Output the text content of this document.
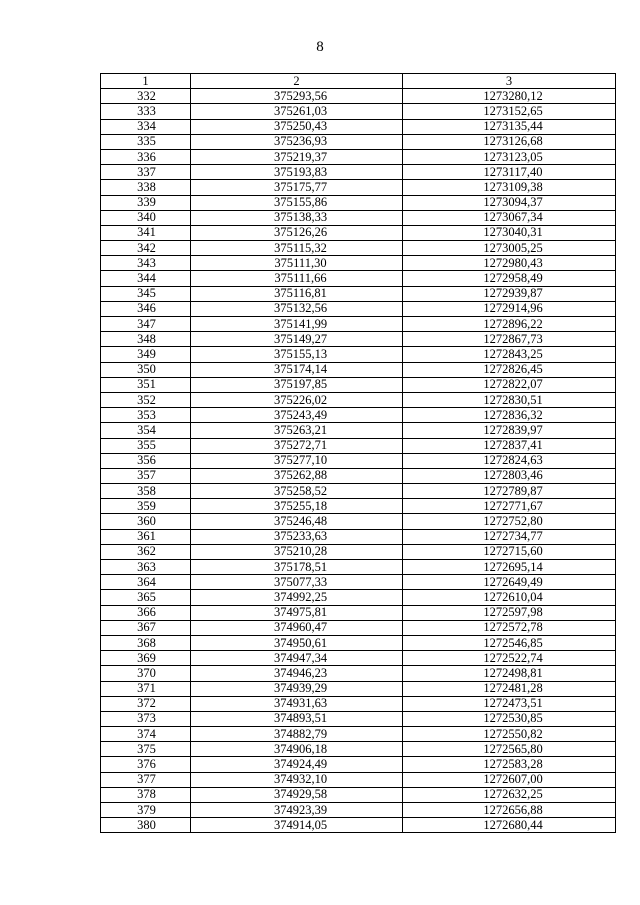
8
1	2	3
332	375293,56	1273280,12
333	375261,03	1273152,65
334	375250,43	1273135,44
335	375236,93	1273126,68
336	375219,37	1273123,05
337	375193,83	1273117,40
338	375175,77	1273109,38
339	375155,86	1273094,37
340	375138,33	1273067,34
341	375126,26	1273040,31
342	375115,32	1273005,25
343	375111,30	1272980,43
344	375111,66	1272958,49
345	375116,81	1272939,87
346	375132,56	1272914,96
347	375141,99	1272896,22
348	375149,27	1272867,73
349	375155,13	1272843,25
350	375174,14	1272826,45
351	375197,85	1272822,07
352	375226,02	1272830,51
353	375243,49	1272836,32
354	375263,21	1272839,97
355	375272,71	1272837,41
356	375277,10	1272824,63
357	375262,88	1272803,46
358	375258,52	1272789,87
359	375255,18	1272771,67
360	375246,48	1272752,80
361	375233,63	1272734,77
362	375210,28	1272715,60
363	375178,51	1272695,14
364	375077,33	1272649,49
365	374992,25	1272610,04
366	374975,81	1272597,98
367	374960,47	1272572,78
368	374950,61	1272546,85
369	374947,34	1272522,74
370	374946,23	1272498,81
371	374939,29	1272481,28
372	374931,63	1272473,51
373	374893,51	1272530,85
374	374882,79	1272550,82
375	374906,18	1272565,80
376	374924,49	1272583,28
377	374932,10	1272607,00
378	374929,58	1272632,25
379	374923,39	1272656,88
380	374914,05	1272680,44
